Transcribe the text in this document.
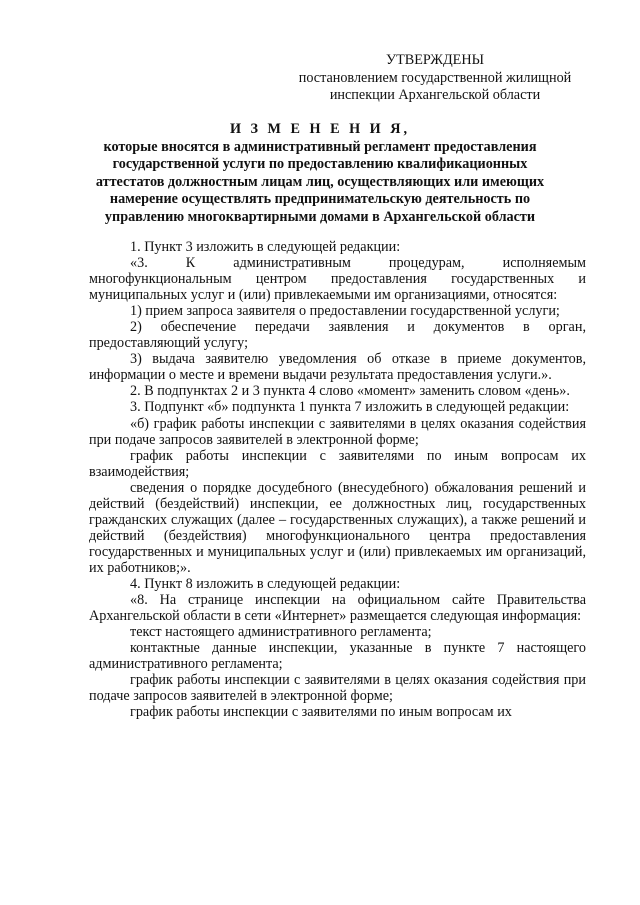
УТВЕРЖДЕНЫ
постановлением государственной жилищной
инспекции Архангельской области
И З М Е Н Е Н И Я,
которые вносятся в административный регламент предоставления
государственной услуги по предоставлению квалификационных
аттестатов должностным лицам лиц, осуществляющих или имеющих
намерение осуществлять предпринимательскую деятельность по
управлению многоквартирными домами в Архангельской области

1. Пункт 3 изложить в следующей редакции:

«3. К административным процедурам, исполняемым многофункциональным центром предоставления государственных и муниципальных услуг и (или) привлекаемыми им организациями, относятся:

1) прием запроса заявителя о предоставлении государственной услуги;

2) обеспечение передачи заявления и документов в орган, предоставляющий услугу;

3) выдача заявителю уведомления об отказе в приеме документов, информации о месте и времени выдачи результата предоставления услуги.».

2. В подпунктах 2 и 3 пункта 4 слово «момент» заменить словом «день».

3. Подпункт «б» подпункта 1 пункта 7 изложить в следующей редакции:

«б) график работы инспекции с заявителями в целях оказания содействия при подаче запросов заявителей в электронной форме;

график работы инспекции с заявителями по иным вопросам их взаимодействия;

сведения о порядке досудебного (внесудебного) обжалования решений и действий (бездействий) инспекции, ее должностных лиц, государственных гражданских служащих (далее – государственных служащих), а также решений и действий (бездействия) многофункционального центра предоставления государственных и муниципальных услуг и (или) привлекаемых им организаций, их работников;».

4. Пункт 8 изложить в следующей редакции:

«8. На странице инспекции на официальном сайте Правительства Архангельской области в сети «Интернет» размещается следующая информация:

текст настоящего административного регламента;

контактные данные инспекции, указанные в пункте 7 настоящего административного регламента;

график работы инспекции с заявителями в целях оказания содействия при подаче запросов заявителей в электронной форме;

график работы инспекции с заявителями по иным вопросам их
